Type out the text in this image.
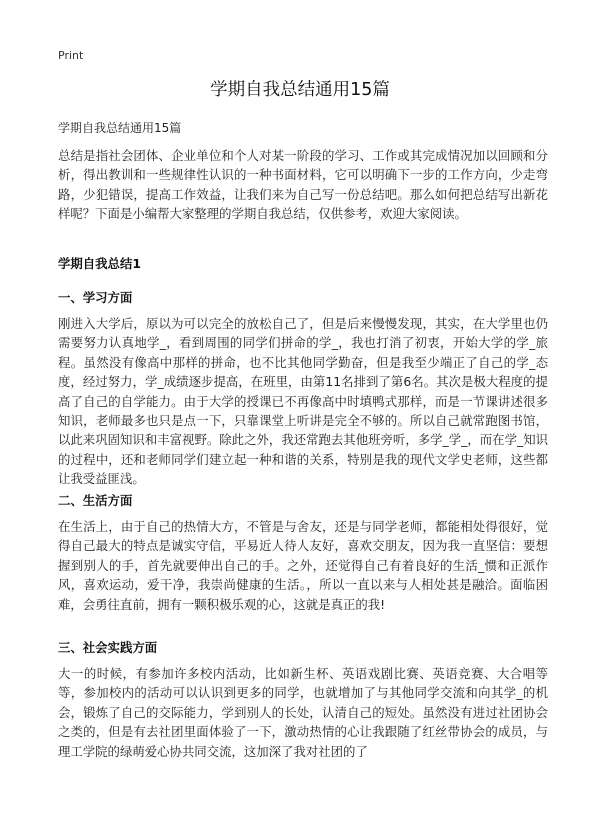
Print
学期自我总结通用15篇
学期自我总结通用15篇

总结是指社会团体、企业单位和个人对某一阶段的学习、工作或其完成情况加以回顾和分析，得出教训和一些规律性认识的一种书面材料，它可以明确下一步的工作方向，少走弯路，少犯错误，提高工作效益，让我们来为自己写一份总结吧。那么如何把总结写出新花样呢？下面是小编帮大家整理的学期自我总结，仅供参考，欢迎大家阅读。

学期自我总结1

一、学习方面

刚进入大学后，原以为可以完全的放松自己了，但是后来慢慢发现，其实，在大学里也仍需要努力认真地学_，看到周围的同学们拼命的学_，我也打消了初衷，开始大学的学_旅程。虽然没有像高中那样的拼命，也不比其他同学勤奋，但是我至少端正了自己的学_态度，经过努力，学_成绩逐步提高，在班里，由第11名排到了第6名。其次是极大程度的提高了自己的自学能力。由于大学的授课已不再像高中时填鸭式那样，而是一节课讲述很多知识，老师最多也只是点一下，只靠课堂上听讲是完全不够的。所以自己就常跑图书馆，以此来巩固知识和丰富视野。除此之外，我还常跑去其他班旁听，多学_学_，而在学_知识的过程中，还和老师同学们建立起一种和谐的关系，特别是我的现代文学史老师，这些都让我受益匪浅。

二、生活方面

在生活上，由于自己的热情大方，不管是与舍友，还是与同学老师，都能相处得很好，觉得自己最大的特点是诚实守信，平易近人待人友好，喜欢交朋友，因为我一直坚信：要想握到别人的手，首先就要伸出自己的手。之外，还觉得自己有着良好的生活_惯和正派作风，喜欢运动，爱干净，我崇尚健康的生活。，所以一直以来与人相处甚是融洽。面临困难，会勇往直前，拥有一颗积极乐观的心，这就是真正的我!

三、社会实践方面

大一的时候，有参加许多校内活动，比如新生杯、英语戏剧比赛、英语竞赛、大合唱等等，参加校内的活动可以认识到更多的同学，也就增加了与其他同学交流和向其学_的机会，锻炼了自己的交际能力，学到别人的长处，认清自己的短处。虽然没有进过社团协会之类的，但是有去社团里面体验了一下，激动热情的心让我跟随了红丝带协会的成员，与理工学院的绿萌爱心协共同交流，这加深了我对社团的了
